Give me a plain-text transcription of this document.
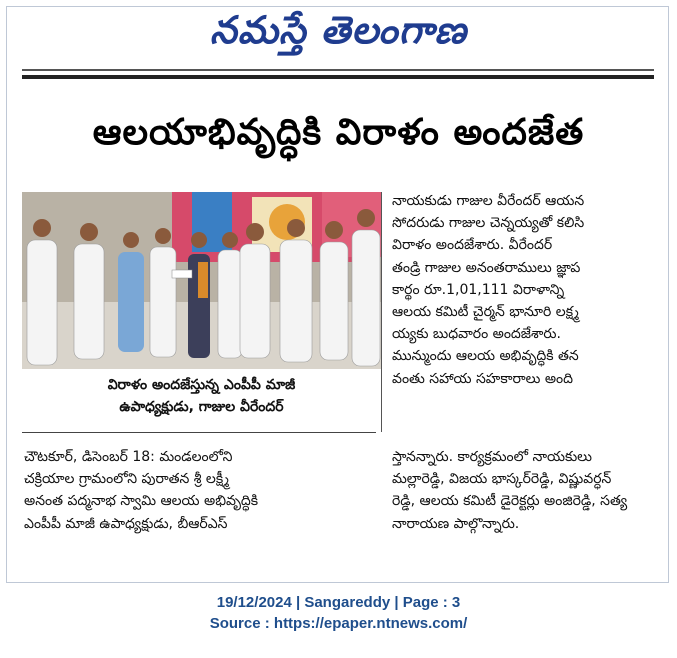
నమస్తే తెలంగాణ
ఆలయాభివృద్ధికి విరాళం అందజేత
విరాళం అందజేస్తున్న ఎంపీపీ మాజీ
ఉపాధ్యక్షుడు, గాజుల వీరేందర్
నాయకుడు గాజుల వీరేందర్ ఆయన
సోదరుడు గాజుల చెన్నయ్యతో కలిసి
విరాళం అందజేశారు. వీరేందర్
తండ్రి గాజుల అనంతరాములు జ్ఞాప
కార్థం రూ.1,01,111 విరాళాన్ని
ఆలయ కమిటీ చైర్మన్ భానూరి లక్ష్మ
య్యకు బుధవారం అందజేశారు.
మున్ముందు ఆలయ అభివృద్ధికి తన
వంతు సహాయ సహకారాలు అంది
చౌటకూర్, డిసెంబర్ 18: మండలంలోని
చక్రియాల గ్రామంలోని పురాతన శ్రీ లక్ష్మీ
అనంత పద్మనాభ స్వామి ఆలయ అభివృద్ధికి
ఎంపీపీ మాజీ ఉపాధ్యక్షుడు, బీఆర్ఎస్
స్తానన్నారు. కార్యక్రమంలో నాయకులు
మల్లారెడ్డి, విజయ భాస్కర్‌రెడ్డి, విష్ణువర్ధన్
రెడ్డి, ఆలయ కమిటీ డైరెక్టర్లు అంజిరెడ్డి, సత్య
నారాయణ పాల్గొన్నారు.
19/12/2024 | Sangareddy | Page : 3
Source : https://epaper.ntnews.com/
